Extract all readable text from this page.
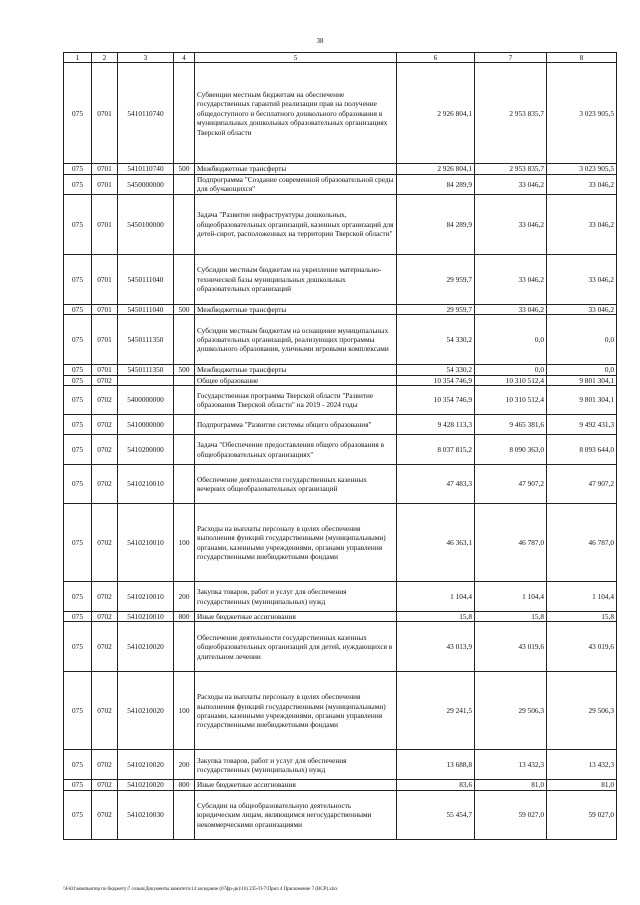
38
1	2	3	4	5	6	7	8
075	0701	5410110740		Субвенции местным бюджетам на обеспечение государственных гарантий реализации прав на получение общедоступного и бесплатного дошкольного образования в муниципальных дошкольных образовательных организациях Тверской области	2 926 804,1	2 953 835,7	3 023 905,5
075	0701	5410110740	500	Межбюджетные трансферты	2 926 804,1	2 953 835,7	3 023 905,5
075	0701	5450000000		Подпрограмма "Создание современной образовательной среды для обучающихся"	84 289,9	33 046,2	33 046,2
075	0701	5450100000		Задача "Развитие инфраструктуры дошкольных, общеобразовательных организаций, казенных организаций для детей-сирот, расположенных на территории Тверской области"	84 289,9	33 046,2	33 046,2
075	0701	5450111040		Субсидии местным бюджетам на укрепление материально-технической базы муниципальных дошкольных образовательных организаций	29 959,7	33 046,2	33 046,2
075	0701	5450111040	500	Межбюджетные трансферты	29 959,7	33 046,2	33 046,2
075	0701	5450111350		Субсидии местным бюджетам на оснащение муниципальных образовательных организаций, реализующих программы дошкольного образования, уличными игровыми комплексами	54 330,2	0,0	0,0
075	0701	5450111350	500	Межбюджетные трансферты	54 330,2	0,0	0,0
075	0702			Общее образование	10 354 746,9	10 310 512,4	9 801 304,1
075	0702	5400000000		Государственная программа Тверской области "Развитие образования Тверской области" на 2019 - 2024 годы	10 354 746,9	10 310 512,4	9 801 304,1
075	0702	5410000000		Подпрограмма "Развитие системы общего образования"	9 428 113,3	9 465 381,6	9 492 431,3
075	0702	5410200000		Задача "Обеспечение предоставления общего образования в общеобразовательных организациях"	8 037 815,2	8 090 363,0	8 093 644,0
075	0702	5410210010		Обеспечение деятельности государственных казенных вечерних общеобразовательных организаций	47 483,3	47 907,2	47 907,2
075	0702	5410210010	100	Расходы на выплаты персоналу в целях обеспечения выполнения функций государственными (муниципальными) органами, казенными учреждениями, органами управления государственными внебюджетными фондами	46 363,1	46 787,0	46 787,0
075	0702	5410210010	200	Закупка товаров, работ и услуг для обеспечения государственных (муниципальных) нужд	1 104,4	1 104,4	1 104,4
075	0702	5410210010	800	Иные бюджетные ассигнования	15,8	15,8	15,8
075	0702	5410210020		Обеспечение деятельности государственных казенных общеобразовательных организаций для детей, нуждающихся в длительном лечении	43 013,9	43 019,6	43 019,6
075	0702	5410210020	100	Расходы на выплаты персоналу в целях обеспечения выполнения функций государственными (муниципальными) органами, казенными учреждениями, органами управления государственными внебюджетными фондами	29 241,5	29 506,3	29 506,3
075	0702	5410210020	200	Закупка товаров, работ и услуг для обеспечения государственных (муниципальных) нужд	13 688,8	13 432,3	13 432,3
075	0702	5410210020	800	Иные бюджетные ассигнования	83,6	81,0	81,0
075	0702	5410210030		Субсидии на общеобразовательную деятельность юридическим лицам, являющимся негосударственными некоммерческими организациями	55 454,7	59 027,0	59 027,0
\\Fs01\компьютер по бюджету\7 созыв\Документы комитета\14 заседание (07фр-дк)\16) 235-П-7\Прил 4 Приложение 7 (ВСР).xlsx
